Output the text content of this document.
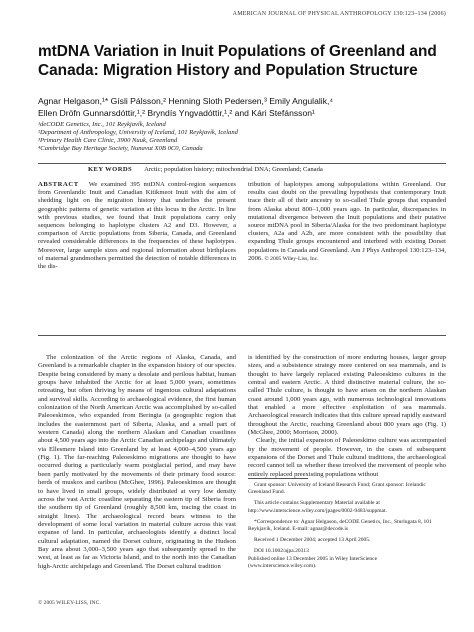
AMERICAN JOURNAL OF PHYSICAL ANTHROPOLOGY 130:123–134 (2006)
mtDNA Variation in Inuit Populations of Greenland and Canada: Migration History and Population Structure
Agnar Helgason,¹* Gísli Pálsson,² Henning Sloth Pedersen,³ Emily Angulalik,⁴
Ellen Dröfn Gunnarsdóttir,¹,² Bryndís Yngvadóttir,¹,² and Kári Stefánsson¹
¹deCODE Genetics, Inc., 101 Reykjavík, Iceland
²Department of Anthropology, University of Iceland, 101 Reykjavík, Iceland
³Primary Health Care Clinic, 3900 Nuuk, Greenland
⁴Cambridge Bay Heritage Society, Nunavut X0B 0C0, Canada
KEY WORDS Arctic; population history; mitochondrial DNA; Greenland; Canada

ABSTRACT We examined 395 mtDNA control-region sequences from Greenlandic Inuit and Canadian Kitikmeot Inuit with the aim of shedding light on the migration history that underlies the present geographic patterns of genetic variation at this locus in the Arctic. In line with previous studies, we found that Inuit populations carry only sequences belonging to haplotype clusters A2 and D3. However, a comparison of Arctic populations from Siberia, Canada, and Greenland revealed considerable differences in the frequencies of these haplotypes. Moreover, large sample sizes and regional information about birthplaces of maternal grandmothers permitted the detection of notable differences in the dis-

tribution of haplotypes among subpopulations within Greenland. Our results cast doubt on the prevailing hypothesis that contemporary Inuit trace their all of their ancestry to so-called Thule groups that expanded from Alaska about 800–1,000 years ago. In particular, discrepancies in mutational divergence between the Inuit populations and their putative source mtDNA pool in Siberia/Alaska for the two predominant haplotype clusters, A2a and A2b, are more consistent with the possibility that expanding Thule groups encountered and interbred with existing Dorset populations in Canada and Greenland. Am J Phys Anthropol 130:123–134, 2006. © 2005 Wiley-Liss, Inc.

The colonization of the Arctic regions of Alaska, Canada, and Greenland is a remarkable chapter in the expansion history of our species. Despite being considered by many a desolate and perilous habitat, human groups have inhabited the Arctic for at least 5,000 years, sometimes retreating, but often thriving by means of ingenious cultural adaptations and survival skills. According to archaeological evidence, the first human colonization of the North American Arctic was accomplished by so-called Paleoeskimos, who expanded from Beringia (a geographic region that includes the easternmost part of Siberia, Alaska, and a small part of western Canada) along the northern Alaskan and Canadian coastlines about 4,500 years ago into the Arctic Canadian archipelago and ultimately via Ellesmere Island into Greenland by at least 4,000–4,500 years ago (Fig. 1). The far-reaching Paleoeskimo migrations are thought to have occurred during a particularly warm postglacial period, and may have been partly motivated by the movements of their primary food source: herds of muskox and caribou (McGhee, 1996). Paleoeskimos are thought to have lived in small groups, widely distributed at very low density across the vast Arctic coastline separating the eastern tip of Siberia from the southern tip of Greenland (roughly 8,500 km, tracing the coast in straight lines). The archaeological record bears witness to the development of some local variation in material culture across this vast expanse of land. In particular, archaeologists identify a distinct local cultural adaptation, named the Dorset culture, originating in the Hudson Bay area about 3,000–3,500 years ago that subsequently spread to the west, at least as far as Victoria Island, and to the north into the Canadian high-Arctic archipelago and Greenland. The Dorset cultural tradition

is identified by the construction of more enduring houses, larger group sizes, and a subsistence strategy more centered on sea mammals, and is thought to have largely replaced existing Paleoeskimo cultures in the central and eastern Arctic. A third distinctive material culture, the so-called Thule culture, is thought to have arisen on the northern Alaskan coast around 1,000 years ago, with numerous technological innovations that enabled a more effective exploitation of sea mammals. Archaeological research indicates that this culture spread rapidly eastward throughout the Arctic, reaching Greenland about 800 years ago (Fig. 1) (McGhee, 2000; Morrison, 2000).

Clearly, the initial expansion of Paleoeskimo culture was accompanied by the movement of people. However, in the cases of subsequent expansions of the Dorset and Thule cultural traditions, the archaeological record cannot tell us whether these involved the movement of people who entirely replaced preexisting populations without

Grant sponsor: University of Iceland Research Fund; Grant sponsor: Icelandic Greenland Fund.

This article contains Supplementary Material available at http://www.interscience.wiley.com/jpages/0002-9483/suppmat.

*Correspondence to: Agnar Helgason, deCODE Genetics, Inc., Sturlugata 8, 101 Reykjavík, Iceland. E-mail: agnar@decode.is

Received 1 December 2004; accepted 13 April 2005.

DOI 10.1002/ajpa.20313
Published online 13 December 2005 in Wiley InterScience (www.interscience.wiley.com).

© 2005 WILEY-LISS, INC.
